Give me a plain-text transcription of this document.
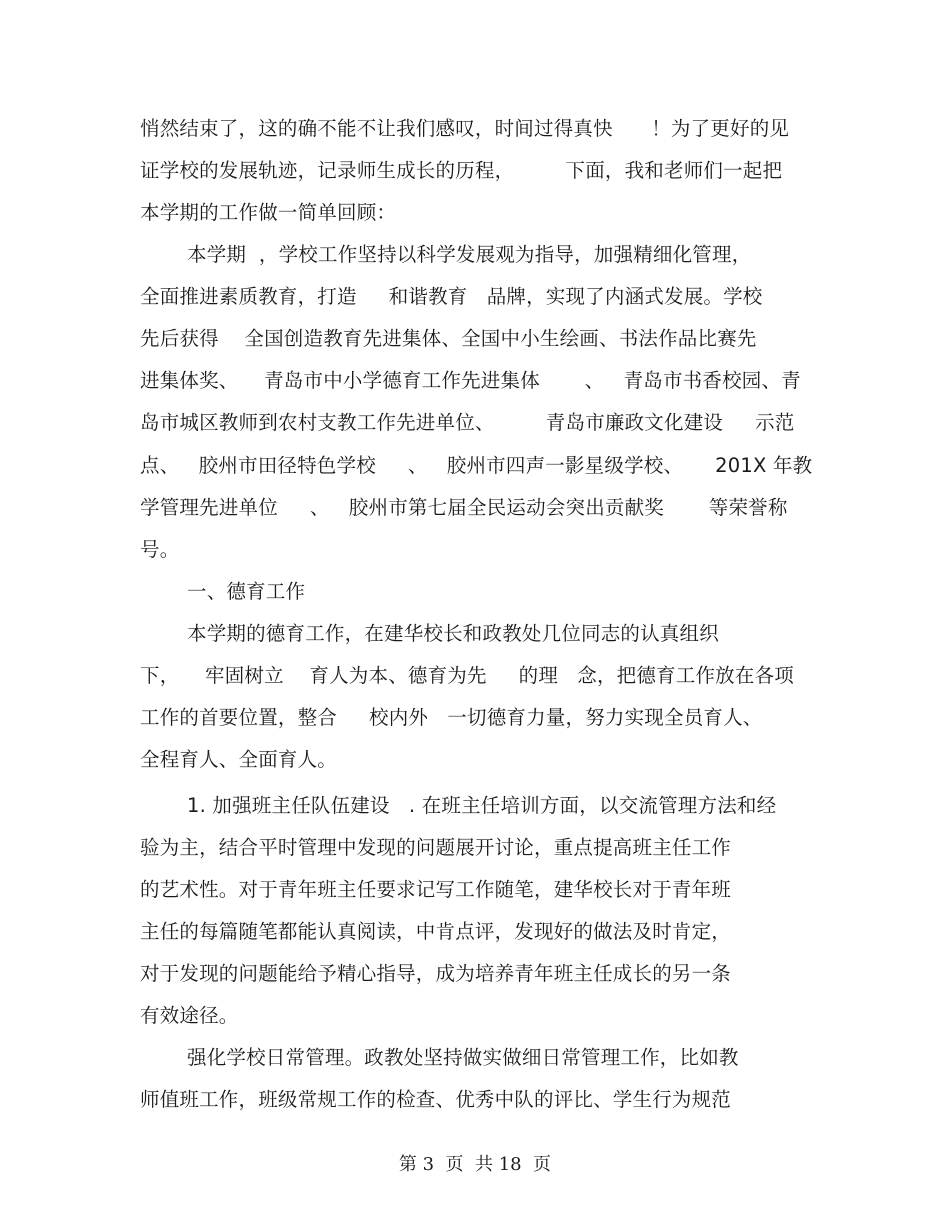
悄然结束了，这的确不能不让我们感叹，时间过得真快      ！为了更好的见
证学校的发展轨迹，记录师生成长的历程，        下面，我和老师们一起把
本学期的工作做一简单回顾：
本学期  ，学校工作坚持以科学发展观为指导，加强精细化管理，
全面推进素质教育，打造     和谐教育   品牌，实现了内涵式发展。学校
先后获得    全国创造教育先进集体、全国中小生绘画、书法作品比赛先
进集体奖、    青岛市中小学德育工作先进集体       、   青岛市书香校园、青
岛市城区教师到农村支教工作先进单位、        青岛市廉政文化建设     示范
点、   胶州市田径特色学校     、   胶州市四声一影星级学校、     201X 年教
学管理先进单位     、   胶州市第七届全民运动会突出贡献奖       等荣誉称
号。
一、德育工作
本学期的德育工作，在建华校长和政教处几位同志的认真组织
下，    牢固树立    育人为本、德育为先     的理   念，把德育工作放在各项
工作的首要位置，整合     校内外   一切德育力量，努力实现全员育人、
全程育人、全面育人。
1. 加强班主任队伍建设   . 在班主任培训方面，以交流管理方法和经
验为主，结合平时管理中发现的问题展开讨论，重点提高班主任工作
的艺术性。对于青年班主任要求记写工作随笔，建华校长对于青年班
主任的每篇随笔都能认真阅读，中肯点评，发现好的做法及时肯定，
对于发现的问题能给予精心指导，成为培养青年班主任成长的另一条
有效途径。
强化学校日常管理。政教处坚持做实做细日常管理工作，比如教
师值班工作，班级常规工作的检查、优秀中队的评比、学生行为规范
第 3  页  共 18  页
